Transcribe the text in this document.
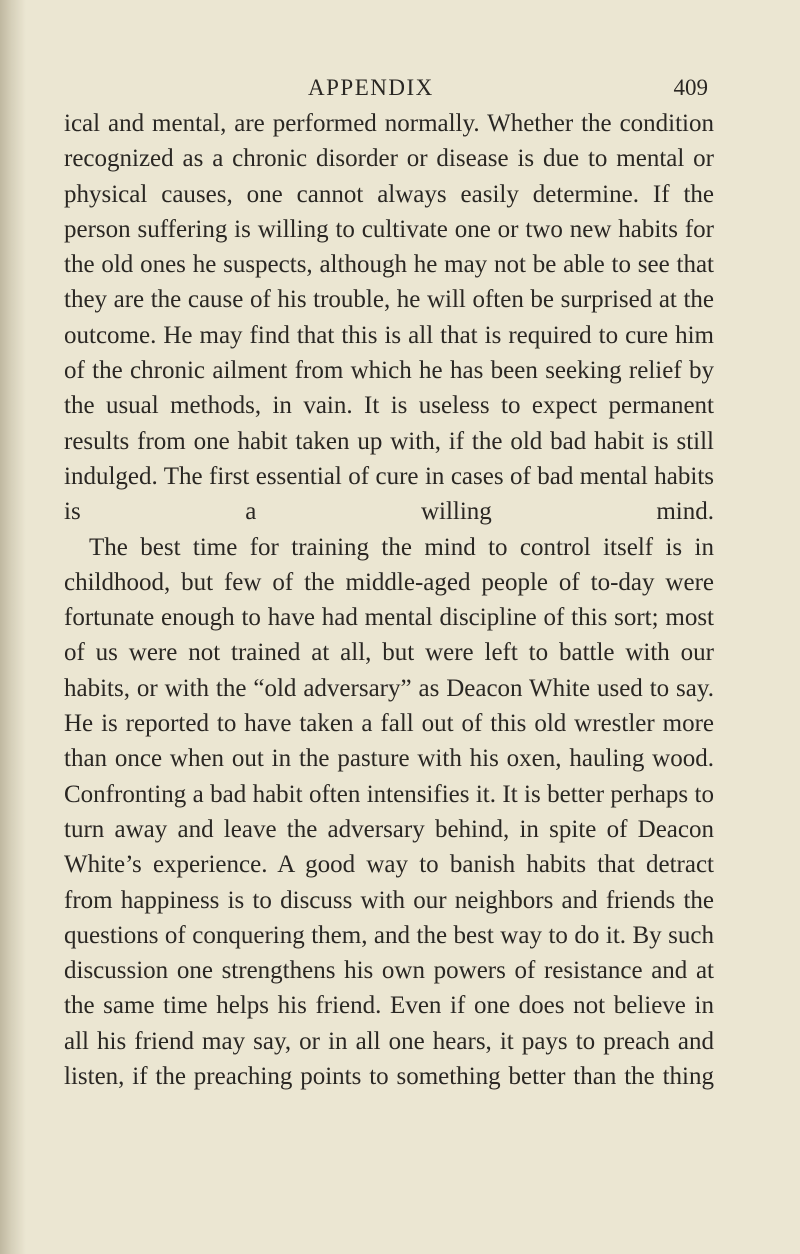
APPENDIX	409

ical and mental, are performed normally. Whether the condition recognized as a chronic disorder or disease is due to mental or physical causes, one cannot always easily determine. If the person suffering is willing to cultivate one or two new habits for the old ones he suspects, although he may not be able to see that they are the cause of his trouble, he will often be surprised at the outcome. He may find that this is all that is required to cure him of the chronic ailment from which he has been seeking relief by the usual methods, in vain. It is useless to expect permanent results from one habit taken up with, if the old bad habit is still indulged. The first essential of cure in cases of bad mental habits is a willing mind.

The best time for training the mind to control itself is in childhood, but few of the middle-aged people of to-day were fortunate enough to have had mental discipline of this sort; most of us were not trained at all, but were left to battle with our habits, or with the “old adversary” as Deacon White used to say. He is reported to have taken a fall out of this old wrestler more than once when out in the pasture with his oxen, hauling wood. Confronting a bad habit often intensifies it. It is better perhaps to turn away and leave the adversary behind, in spite of Deacon White’s experience. A good way to banish habits that detract from happiness is to discuss with our neighbors and friends the questions of conquering them, and the best way to do it. By such discussion one strengthens his own powers of resistance and at the same time helps his friend. Even if one does not believe in all his friend may say, or in all one hears, it pays to preach and listen, if the preaching points to something better than the thing
